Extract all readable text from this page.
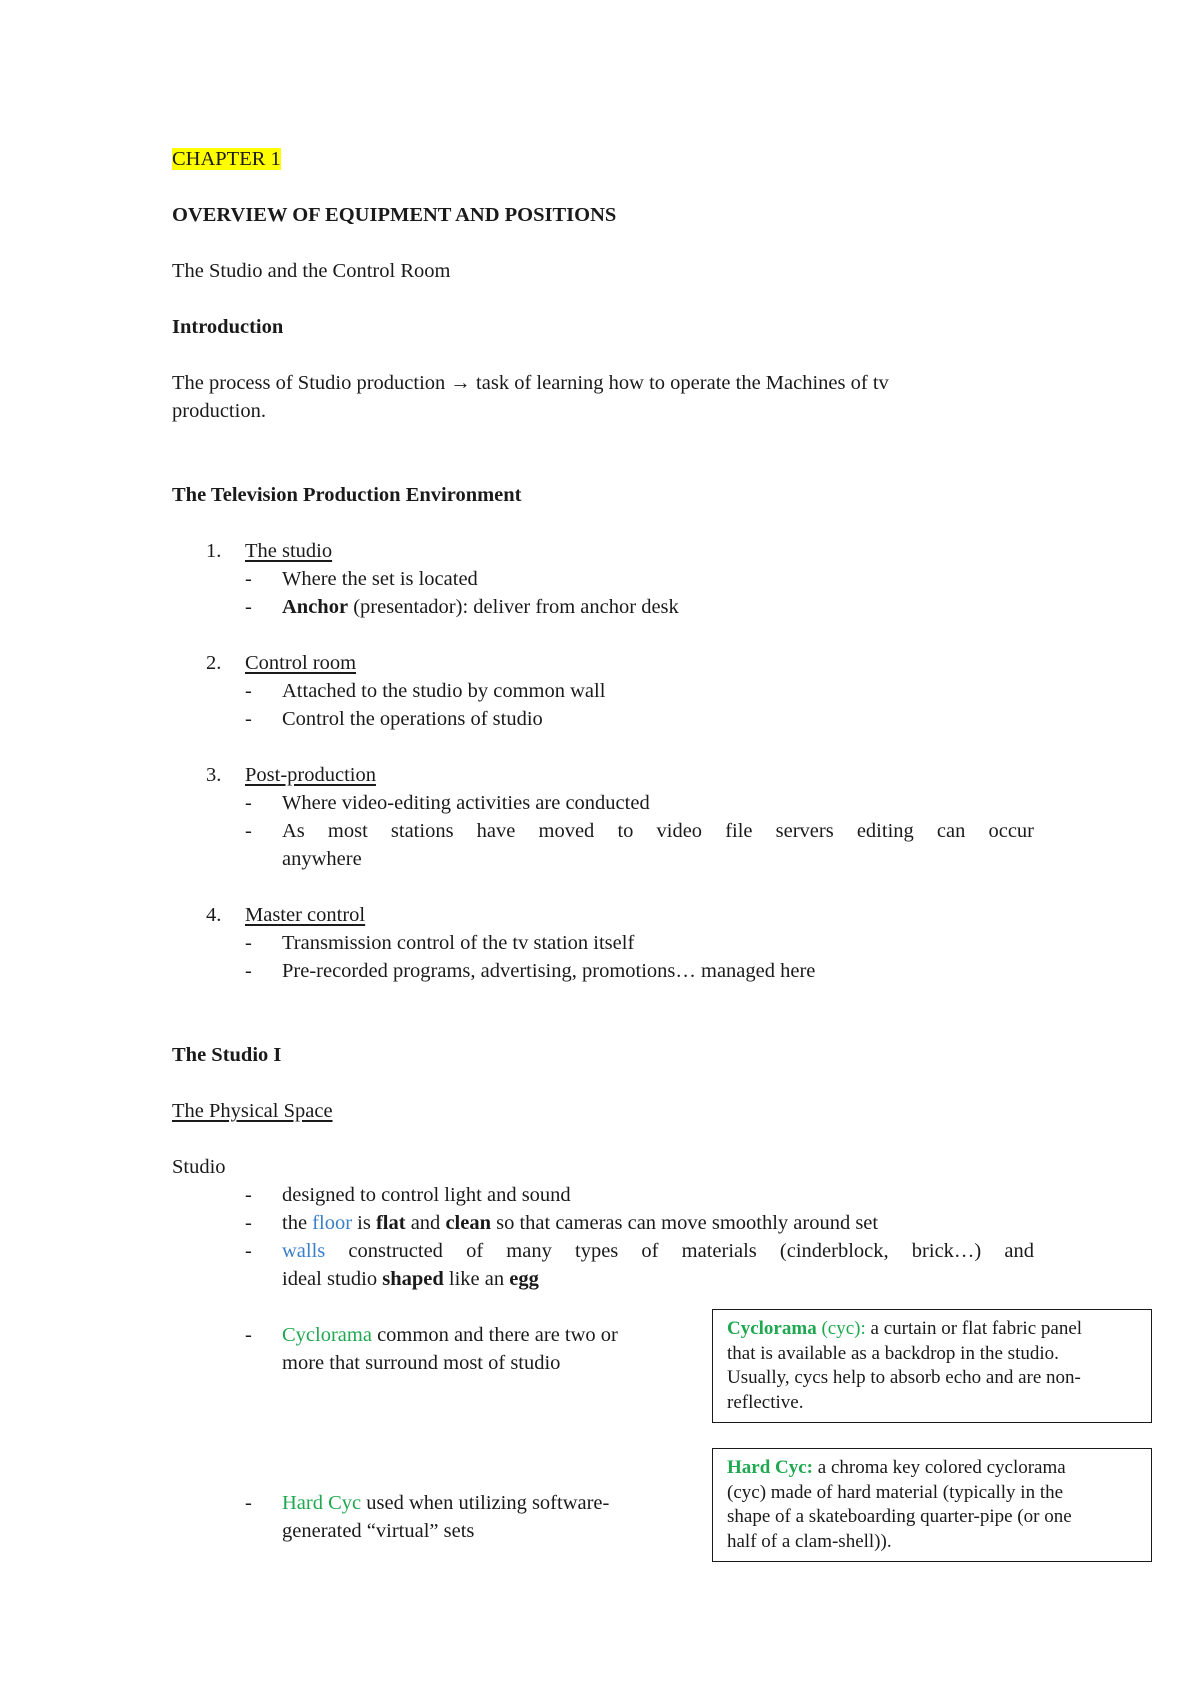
CHAPTER 1
OVERVIEW OF EQUIPMENT AND POSITIONS
The Studio and the Control Room
Introduction
The process of Studio production → task of learning how to operate the Machines of tv
production.
The Television Production Environment
1. The studio
- Where the set is located
- Anchor (presentador): deliver from anchor desk
2. Control room
- Attached to the studio by common wall
- Control the operations of studio
3. Post-production
- Where video-editing activities are conducted
- As most stations have moved to video file servers editing can occur
anywhere
4. Master control
- Transmission control of the tv station itself
- Pre-recorded programs, advertising, promotions… managed here
The Studio I
The Physical Space
Studio
- designed to control light and sound
- the floor is flat and clean so that cameras can move smoothly around set
- walls constructed of many types of materials (cinderblock, brick…) and
ideal studio shaped like an egg
- Cyclorama common and there are two or
more that surround most of studio
- Hard Cyc used when utilizing software-
generated “virtual” sets
Cyclorama (cyc): a curtain or flat fabric panel
that is available as a backdrop in the studio.
Usually, cycs help to absorb echo and are non-
reflective.
Hard Cyc: a chroma key colored cyclorama
(cyc) made of hard material (typically in the
shape of a skateboarding quarter-pipe (or one
half of a clam-shell)).
